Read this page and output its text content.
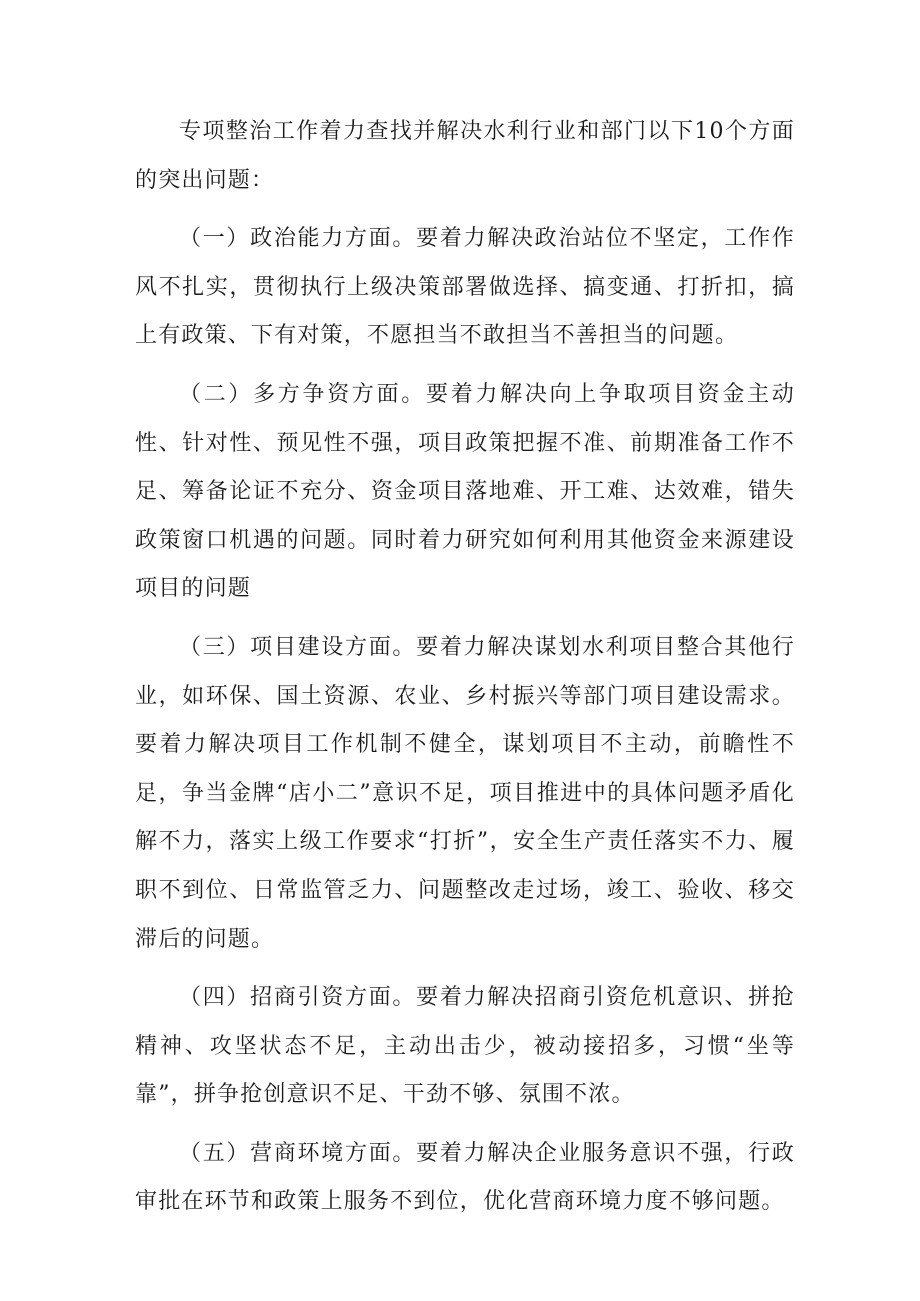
专项整治工作着力查找并解决水利行业和部门以下10个方面的突出问题：

（一）政治能力方面。要着力解决政治站位不坚定，工作作风不扎实，贯彻执行上级决策部署做选择、搞变通、打折扣，搞上有政策、下有对策，不愿担当不敢担当不善担当的问题。

（二）多方争资方面。要着力解决向上争取项目资金主动性、针对性、预见性不强，项目政策把握不准、前期准备工作不足、筹备论证不充分、资金项目落地难、开工难、达效难，错失政策窗口机遇的问题。同时着力研究如何利用其他资金来源建设项目的问题

（三）项目建设方面。要着力解决谋划水利项目整合其他行业，如环保、国土资源、农业、乡村振兴等部门项目建设需求。要着力解决项目工作机制不健全，谋划项目不主动，前瞻性不足，争当金牌“店小二”意识不足，项目推进中的具体问题矛盾化解不力，落实上级工作要求“打折”，安全生产责任落实不力、履职不到位、日常监管乏力、问题整改走过场，竣工、验收、移交滞后的问题。

（四）招商引资方面。要着力解决招商引资危机意识、拼抢精神、攻坚状态不足，主动出击少，被动接招多，习惯“坐等靠”，拼争抢创意识不足、干劲不够、氛围不浓。

（五）营商环境方面。要着力解决企业服务意识不强，行政审批在环节和政策上服务不到位，优化营商环境力度不够问题。
